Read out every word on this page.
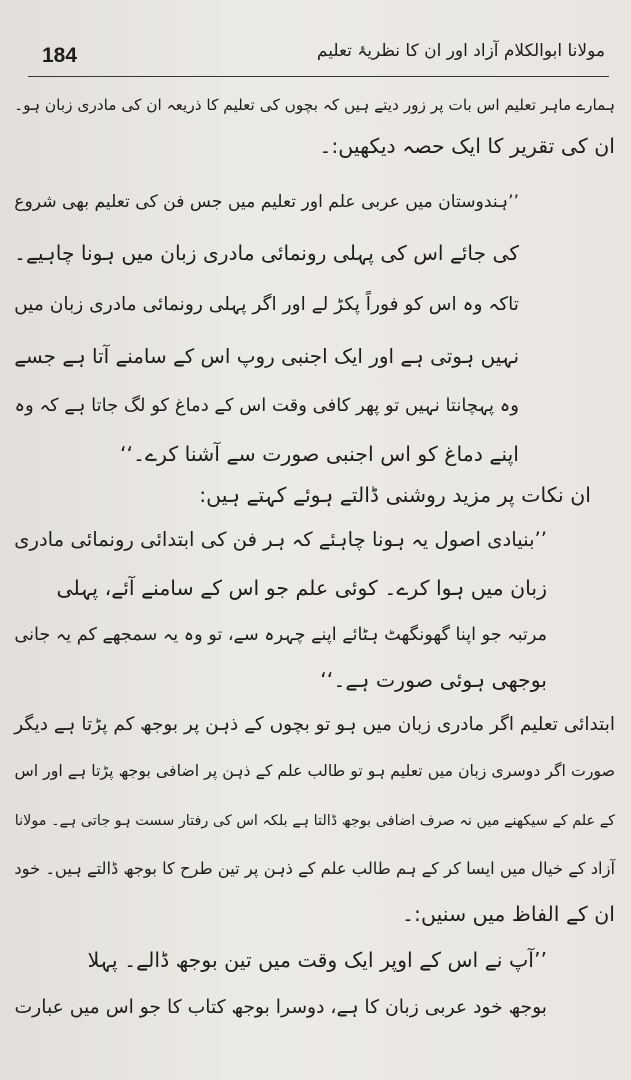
184	مولانا ابوالکلام آزاد اور ان کا نظریۂ تعلیم
ہمارے ماہر تعلیم اس بات پر زور دیتے ہیں کہ بچوں کی تعلیم کا ذریعہ ان کی مادری زبان ہو۔
ان کی تقریر کا ایک حصہ دیکھیں:۔
’’ہندوستان میں عربی علم اور تعلیم میں جس فن کی تعلیم بھی شروع
کی جائے اس کی پہلی رونمائی مادری زبان میں ہونا چاہیے۔
تاکہ وہ اس کو فوراً پکڑ لے اور اگر پہلی رونمائی مادری زبان میں
نہیں ہوتی ہے اور ایک اجنبی روپ اس کے سامنے آتا ہے جسے
وہ پہچانتا نہیں تو پھر کافی وقت اس کے دماغ کو لگ جاتا ہے کہ وہ
اپنے دماغ کو اس اجنبی صورت سے آشنا کرے۔‘‘
ان نکات پر مزید روشنی ڈالتے ہوئے کہتے ہیں:
’’بنیادی اصول یہ ہونا چاہئے کہ ہر فن کی ابتدائی رونمائی مادری
زبان میں ہوا کرے۔ کوئی علم جو اس کے سامنے آئے، پہلی
مرتبہ جو اپنا گھونگھٹ ہٹائے اپنے چہرہ سے، تو وہ یہ سمجھے کم یہ جانی
بوجھی ہوئی صورت ہے۔‘‘
ابتدائی تعلیم اگر مادری زبان میں ہو تو بچوں کے ذہن پر بوجھ کم پڑتا ہے دیگر
صورت اگر دوسری زبان میں تعلیم ہو تو طالب علم کے ذہن پر اضافی بوجھ پڑتا ہے اور اس
کے علم کے سیکھنے میں نہ صرف اضافی بوجھ ڈالتا ہے بلکہ اس کی رفتار سست ہو جاتی ہے۔ مولانا
آزاد کے خیال میں ایسا کر کے ہم طالب علم کے ذہن پر تین طرح کا بوجھ ڈالتے ہیں۔ خود
ان کے الفاظ میں سنیں:۔
’’آپ نے اس کے اوپر ایک وقت میں تین بوجھ ڈالے۔ پہلا
بوجھ خود عربی زبان کا ہے، دوسرا بوجھ کتاب کا جو اس میں عبارت
